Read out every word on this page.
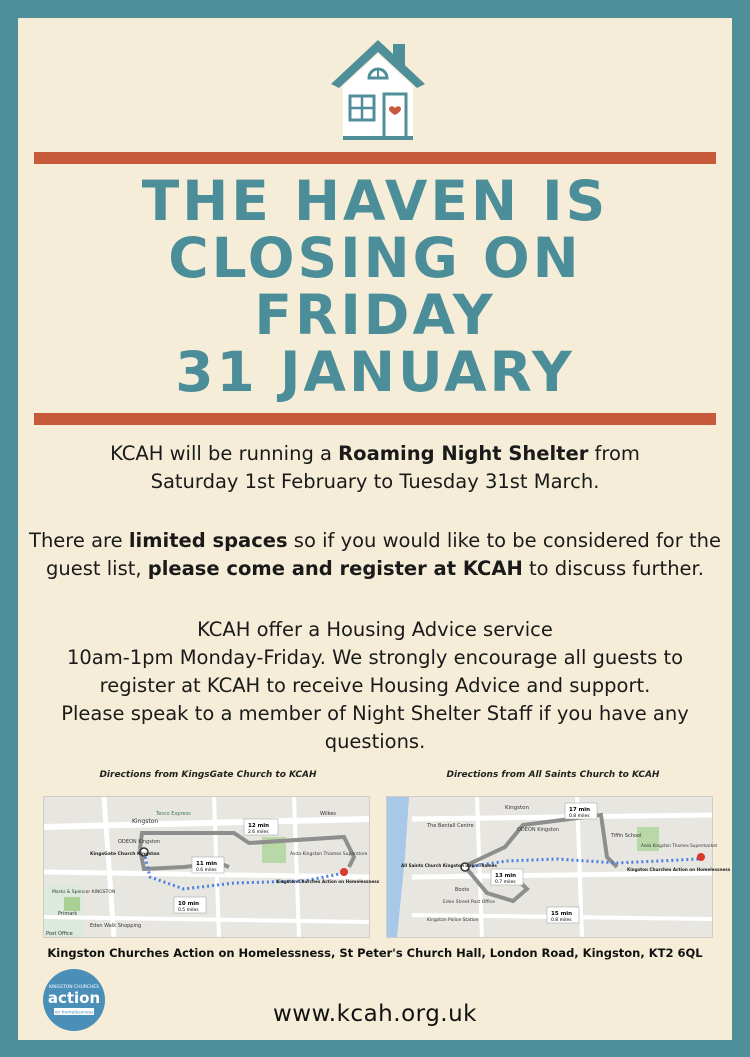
THE HAVEN IS
CLOSING ON
FRIDAY
31 JANUARY
KCAH will be running a Roaming Night Shelter from
Saturday 1st February to Tuesday 31st March.
There are limited spaces so if you would like to be considered for the
guest list, please come and register at KCAH to discuss further.
KCAH offer a Housing Advice service
10am-1pm Monday-Friday. We strongly encourage all guests to
register at KCAH to receive Housing Advice and support.
Please speak to a member of Night Shelter Staff if you have any
questions.
Directions from KingsGate Church to KCAH	Directions from All Saints Church to KCAH
12 min
2.6 miles
11 min
0.6 miles
10 min
0.5 miles
Kingston
Tesco Express	Wilkes
ODEON Kingston
KingsGate Church Kingston	Asda Kingston Thames Superstore
Kingston Churches Action on Homelessness
Marks & Spencer KINGSTON
Primark
Eden Walk Shopping
Post Office
17 min
0.8 miles
13 min
0.7 miles
15 min
0.8 miles
Kingston
The Bentall Centre
ODEON Kingston
Tiffin School
Asda Kingston Thames Supermarket
All Saints Church Kingston upon Thames
Kingston Churches Action on Homelessness
Boots
Kingston Police Station
Eden Street Post Office
Kingston Churches Action on Homelessness, St Peter's Church Hall, London Road, Kingston, KT2 6QL
KINGSTON CHURCHES
action
on homelessness	www.kcah.org.uk
